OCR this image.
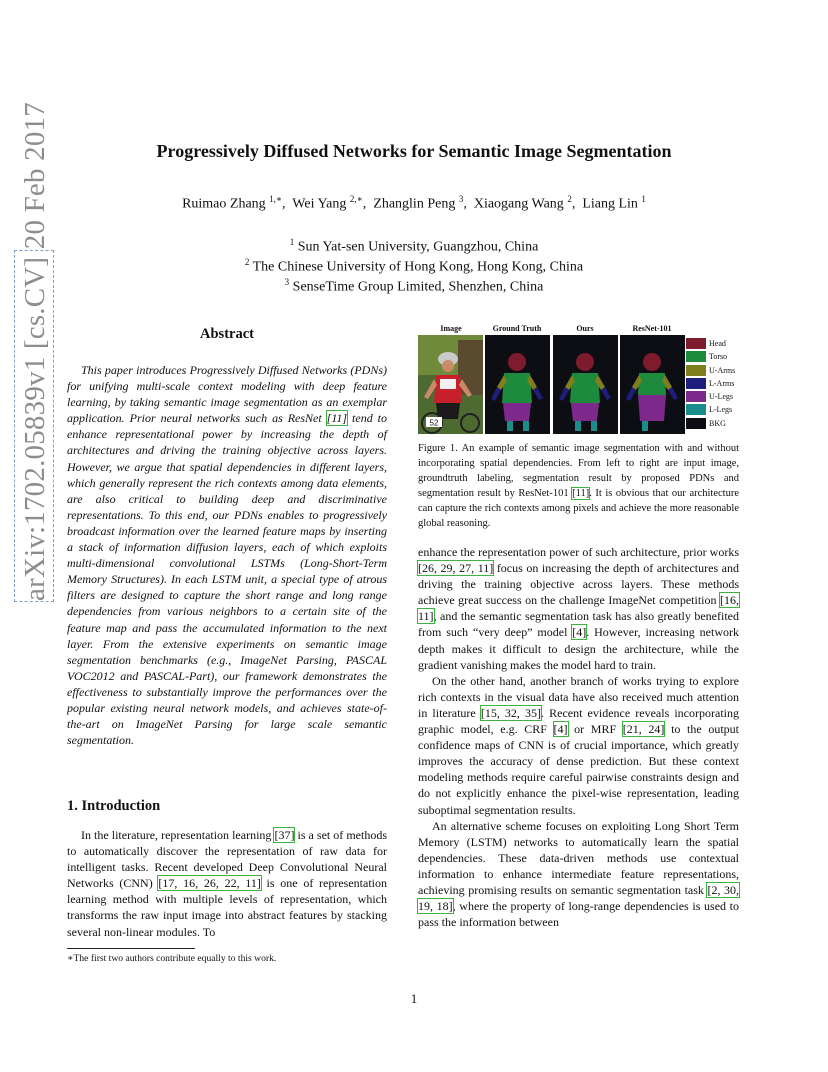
arXiv:1702.05839v1 [cs.CV] 20 Feb 2017	Progressively Diffused Networks for Semantic Image Segmentation
Ruimao Zhang $^{1,∗}$,  Wei Yang $^{2,∗}$,  Zhanglin Peng $^3$,  Xiaogang Wang $^2$,  Liang Lin $^1$
$^1$ Sun Yat-sen University, Guangzhou, China
$^2$ The Chinese University of Hong Kong, Hong Kong, China
$^3$ SenseTime Group Limited, Shenzhen, China
Abstract

This paper introduces Progressively Diffused Networks (PDNs) for unifying multi-scale context modeling with deep feature learning, by taking semantic image segmentation as an exemplar application. Prior neural networks such as ResNet [11] tend to enhance representational power by increasing the depth of architectures and driving the training objective across layers. However, we argue that spatial dependencies in different layers, which generally represent the rich contexts among data elements, are also critical to building deep and discriminative representations. To this end, our PDNs enables to progressively broadcast information over the learned feature maps by inserting a stack of information diffusion layers, each of which exploits multi-dimensional convolutional LSTMs (Long-Short-Term Memory Structures). In each LSTM unit, a special type of atrous filters are designed to capture the short range and long range dependencies from various neighbors to a certain site of the feature map and pass the accumulated information to the next layer. From the extensive experiments on semantic image segmentation benchmarks (e.g., ImageNet Parsing, PASCAL VOC2012 and PASCAL-Part), our framework demonstrates the effectiveness to substantially improve the performances over the popular existing neural network models, and achieves state-of-the-art on ImageNet Parsing for large scale semantic segmentation.

1. Introduction

In the literature, representation learning [37] is a set of methods to automatically discover the representation of raw data for intelligent tasks. Recent developed Deep Convolutional Neural Networks (CNN) [17, 16, 26, 22, 11] is one of representation learning method with multiple levels of representation, which transforms the raw input image into abstract features by stacking several non-linear modules. To

∗The first two authors contribute equally to this work.
Image	Ground Truth	Ours	ResNet-101
52
Head
Torso
U-Arms
L-Arms
U-Legs
L-Legs
BKG

Figure 1. An example of semantic image segmentation with and without incorporating spatial dependencies. From left to right are input image, groundtruth labeling, segmentation result by proposed PDNs and segmentation result by ResNet-101 [11]. It is obvious that our architecture can capture the rich contexts among pixels and achieve the more reasonable global reasoning.

enhance the representation power of such architecture, prior works [26, 29, 27, 11] focus on increasing the depth of architectures and driving the training objective across layers. These methods achieve great success on the challenge ImageNet competition [16, 11], and the semantic segmentation task has also greatly benefited from such “very deep” model [4]. However, increasing network depth makes it difficult to design the architecture, while the gradient vanishing makes the model hard to train.

On the other hand, another branch of works trying to explore rich contexts in the visual data have also received much attention in literature [15, 32, 35]. Recent evidence reveals incorporating graphic model, e.g. CRF [4] or MRF [21, 24] to the output confidence maps of CNN is of crucial importance, which greatly improves the accuracy of dense prediction. But these context modeling methods require careful pairwise constraints design and do not explicitly enhance the pixel-wise representation, leading suboptimal segmentation results.

An alternative scheme focuses on exploiting Long Short Term Memory (LSTM) networks to automatically learn the spatial dependencies. These data-driven methods use contextual information to enhance intermediate feature representations, achieving promising results on semantic segmentation task [2, 30, 19, 18], where the property of long-range dependencies is used to pass the information between

1
